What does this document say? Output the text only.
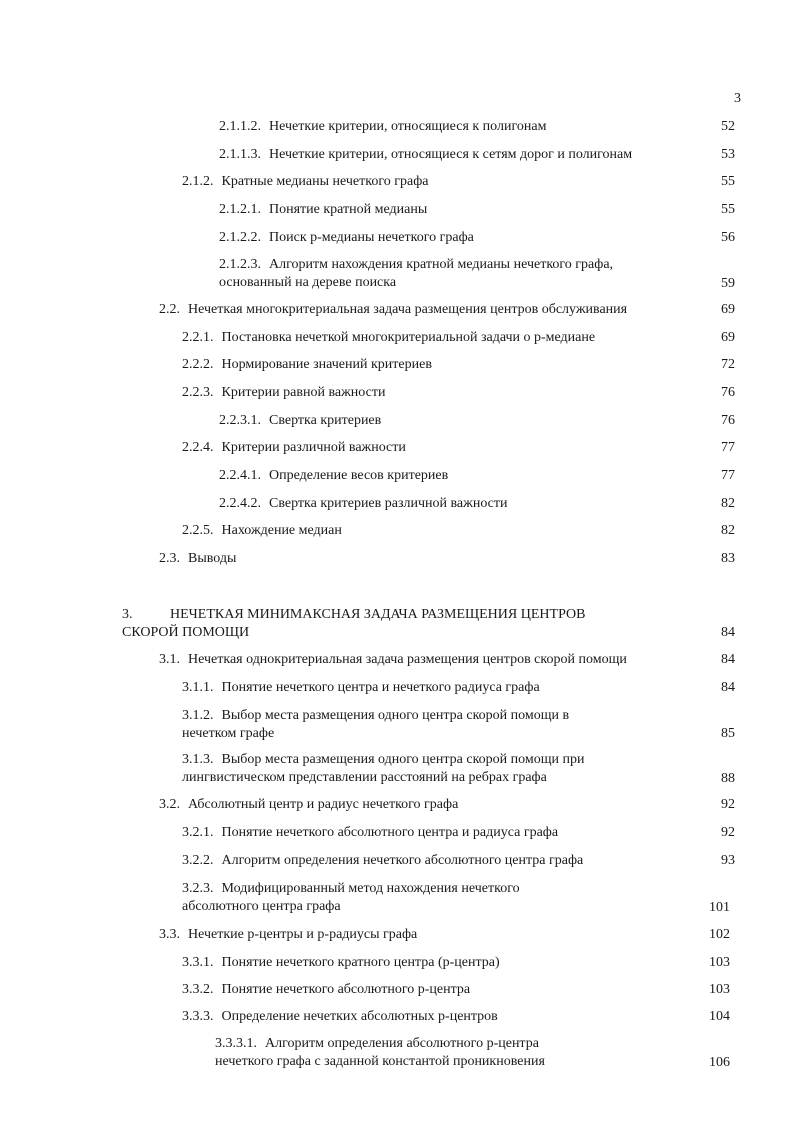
3
2.1.1.2. Нечеткие критерии, относящиеся к полигонам	52
2.1.1.3. Нечеткие критерии, относящиеся к сетям дорог и полигонам	53
2.1.2. Кратные медианы нечеткого графа	55
2.1.2.1. Понятие кратной медианы	55
2.1.2.2. Поиск р-медианы нечеткого графа	56
2.1.2.3. Алгоритм нахождения кратной медианы нечеткого графа,
основанный на дереве поиска	59
2.2. Нечеткая многокритериальная задача размещения центров обслуживания	69
2.2.1. Постановка нечеткой многокритериальной задачи о р-медиане	69
2.2.2. Нормирование значений критериев	72
2.2.3. Критерии равной важности	76
2.2.3.1. Свертка критериев	76
2.2.4. Критерии различной важности	77
2.2.4.1. Определение весов критериев	77
2.2.4.2. Свертка критериев различной важности	82
2.2.5. Нахождение медиан	82
2.3. Выводы	83
3.	НЕЧЕТКАЯ МИНИМАКСНАЯ ЗАДАЧА РАЗМЕЩЕНИЯ ЦЕНТРОВ
СКОРОЙ ПОМОЩИ	84
3.1. Нечеткая однокритериальная задача размещения центров скорой помощи	84
3.1.1. Понятие нечеткого центра и нечеткого радиуса графа	84
3.1.2. Выбор места размещения одного центра скорой помощи в
нечетком графе	85
3.1.3. Выбор места размещения одного центра скорой помощи при
лингвистическом представлении расстояний на ребрах графа	88
3.2. Абсолютный центр и радиус нечеткого графа	92
3.2.1. Понятие нечеткого абсолютного центра и радиуса графа	92
3.2.2. Алгоритм определения нечеткого абсолютного центра графа	93
3.2.3. Модифицированный метод нахождения нечеткого
абсолютного центра графа	101
3.3. Нечеткие р-центры и р-радиусы графа	102
3.3.1. Понятие нечеткого кратного центра (р-центра)	103
3.3.2. Понятие нечеткого абсолютного р-центра	103
3.3.3. Определение нечетких абсолютных р-центров	104
3.3.3.1. Алгоритм определения абсолютного р-центра
нечеткого графа с заданной константой проникновения	106
